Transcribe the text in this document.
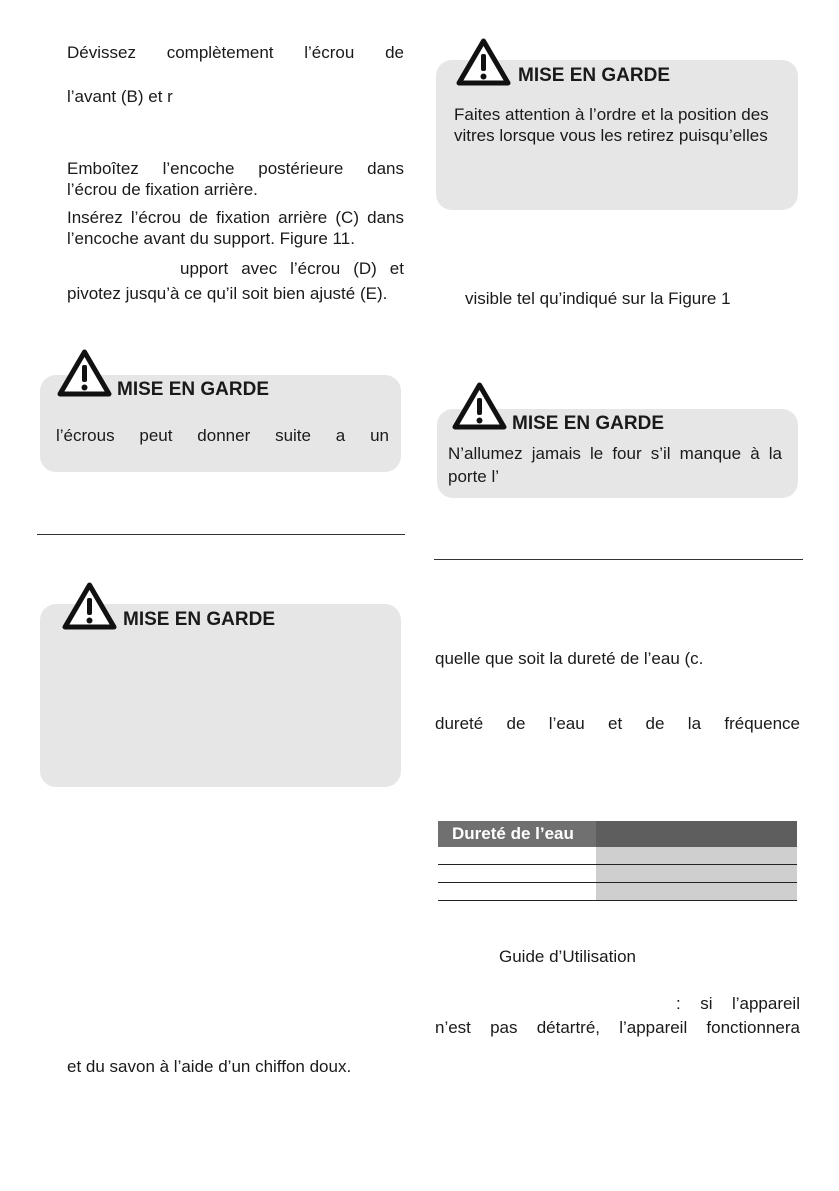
Dévissez complètement l’écrou de
l’avant (B) et r
Emboîtez l’encoche postérieure dans
l’écrou de fixation arrière.
Insérez l’écrou de fixation arrière (C) dans
l’encoche avant du support. Figure 11.
upport avec l’écrou (D) et
pivotez jusqu’à ce qu’il soit bien ajusté (E).
MISE EN GARDE
l’écrous peut donner suite a un
MISE EN GARDE
et du savon à l’aide d’un chiffon doux.
MISE EN GARDE
Faites attention à l’ordre et la position des
vitres lorsque vous les retirez puisqu’elles
visible tel qu’indiqué sur la Figure 1
MISE EN GARDE
N’allumez jamais le four s’il manque à la
porte l’
quelle que soit la dureté de l’eau (c.
dureté de l’eau et de la fréquence
Dureté de l’eau	

Guide d’Utilisation
: si l’appareil
n’est pas détartré, l’appareil fonctionnera
